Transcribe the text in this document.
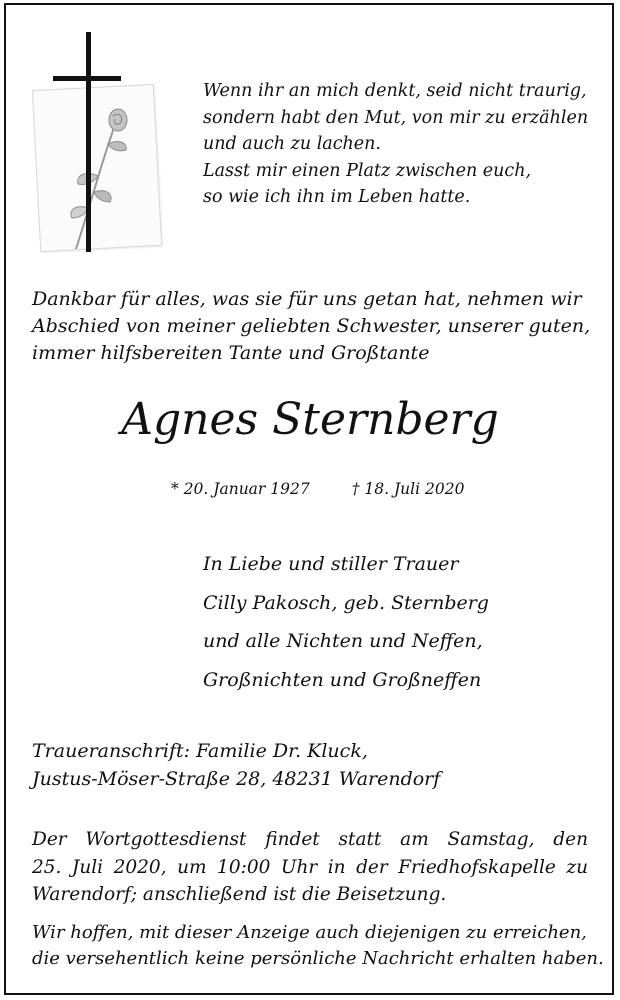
Wenn ihr an mich denkt, seid nicht traurig,
sondern habt den Mut, von mir zu erzählen
und auch zu lachen.
Lasst mir einen Platz zwischen euch,
so wie ich ihn im Leben hatte.
Dankbar für alles, was sie für uns getan hat, nehmen wir
Abschied von meiner geliebten Schwester, unserer guten,
immer hilfsbereiten Tante und Großtante
Agnes Sternberg
* 20. Januar 1927	† 18. Juli 2020
In Liebe und stiller Trauer
Cilly Pakosch, geb. Sternberg
und alle Nichten und Neffen,
Großnichten und Großneffen
Traueranschrift: Familie Dr. Kluck,
Justus-Möser-Straße 28, 48231 Warendorf
Der Wortgottesdienst findet statt am Samstag, den
25. Juli 2020, um 10:00 Uhr in der Friedhofskapelle zu
Warendorf; anschließend ist die Beisetzung.
Wir hoffen, mit dieser Anzeige auch diejenigen zu erreichen,
die versehentlich keine persönliche Nachricht erhalten haben.
